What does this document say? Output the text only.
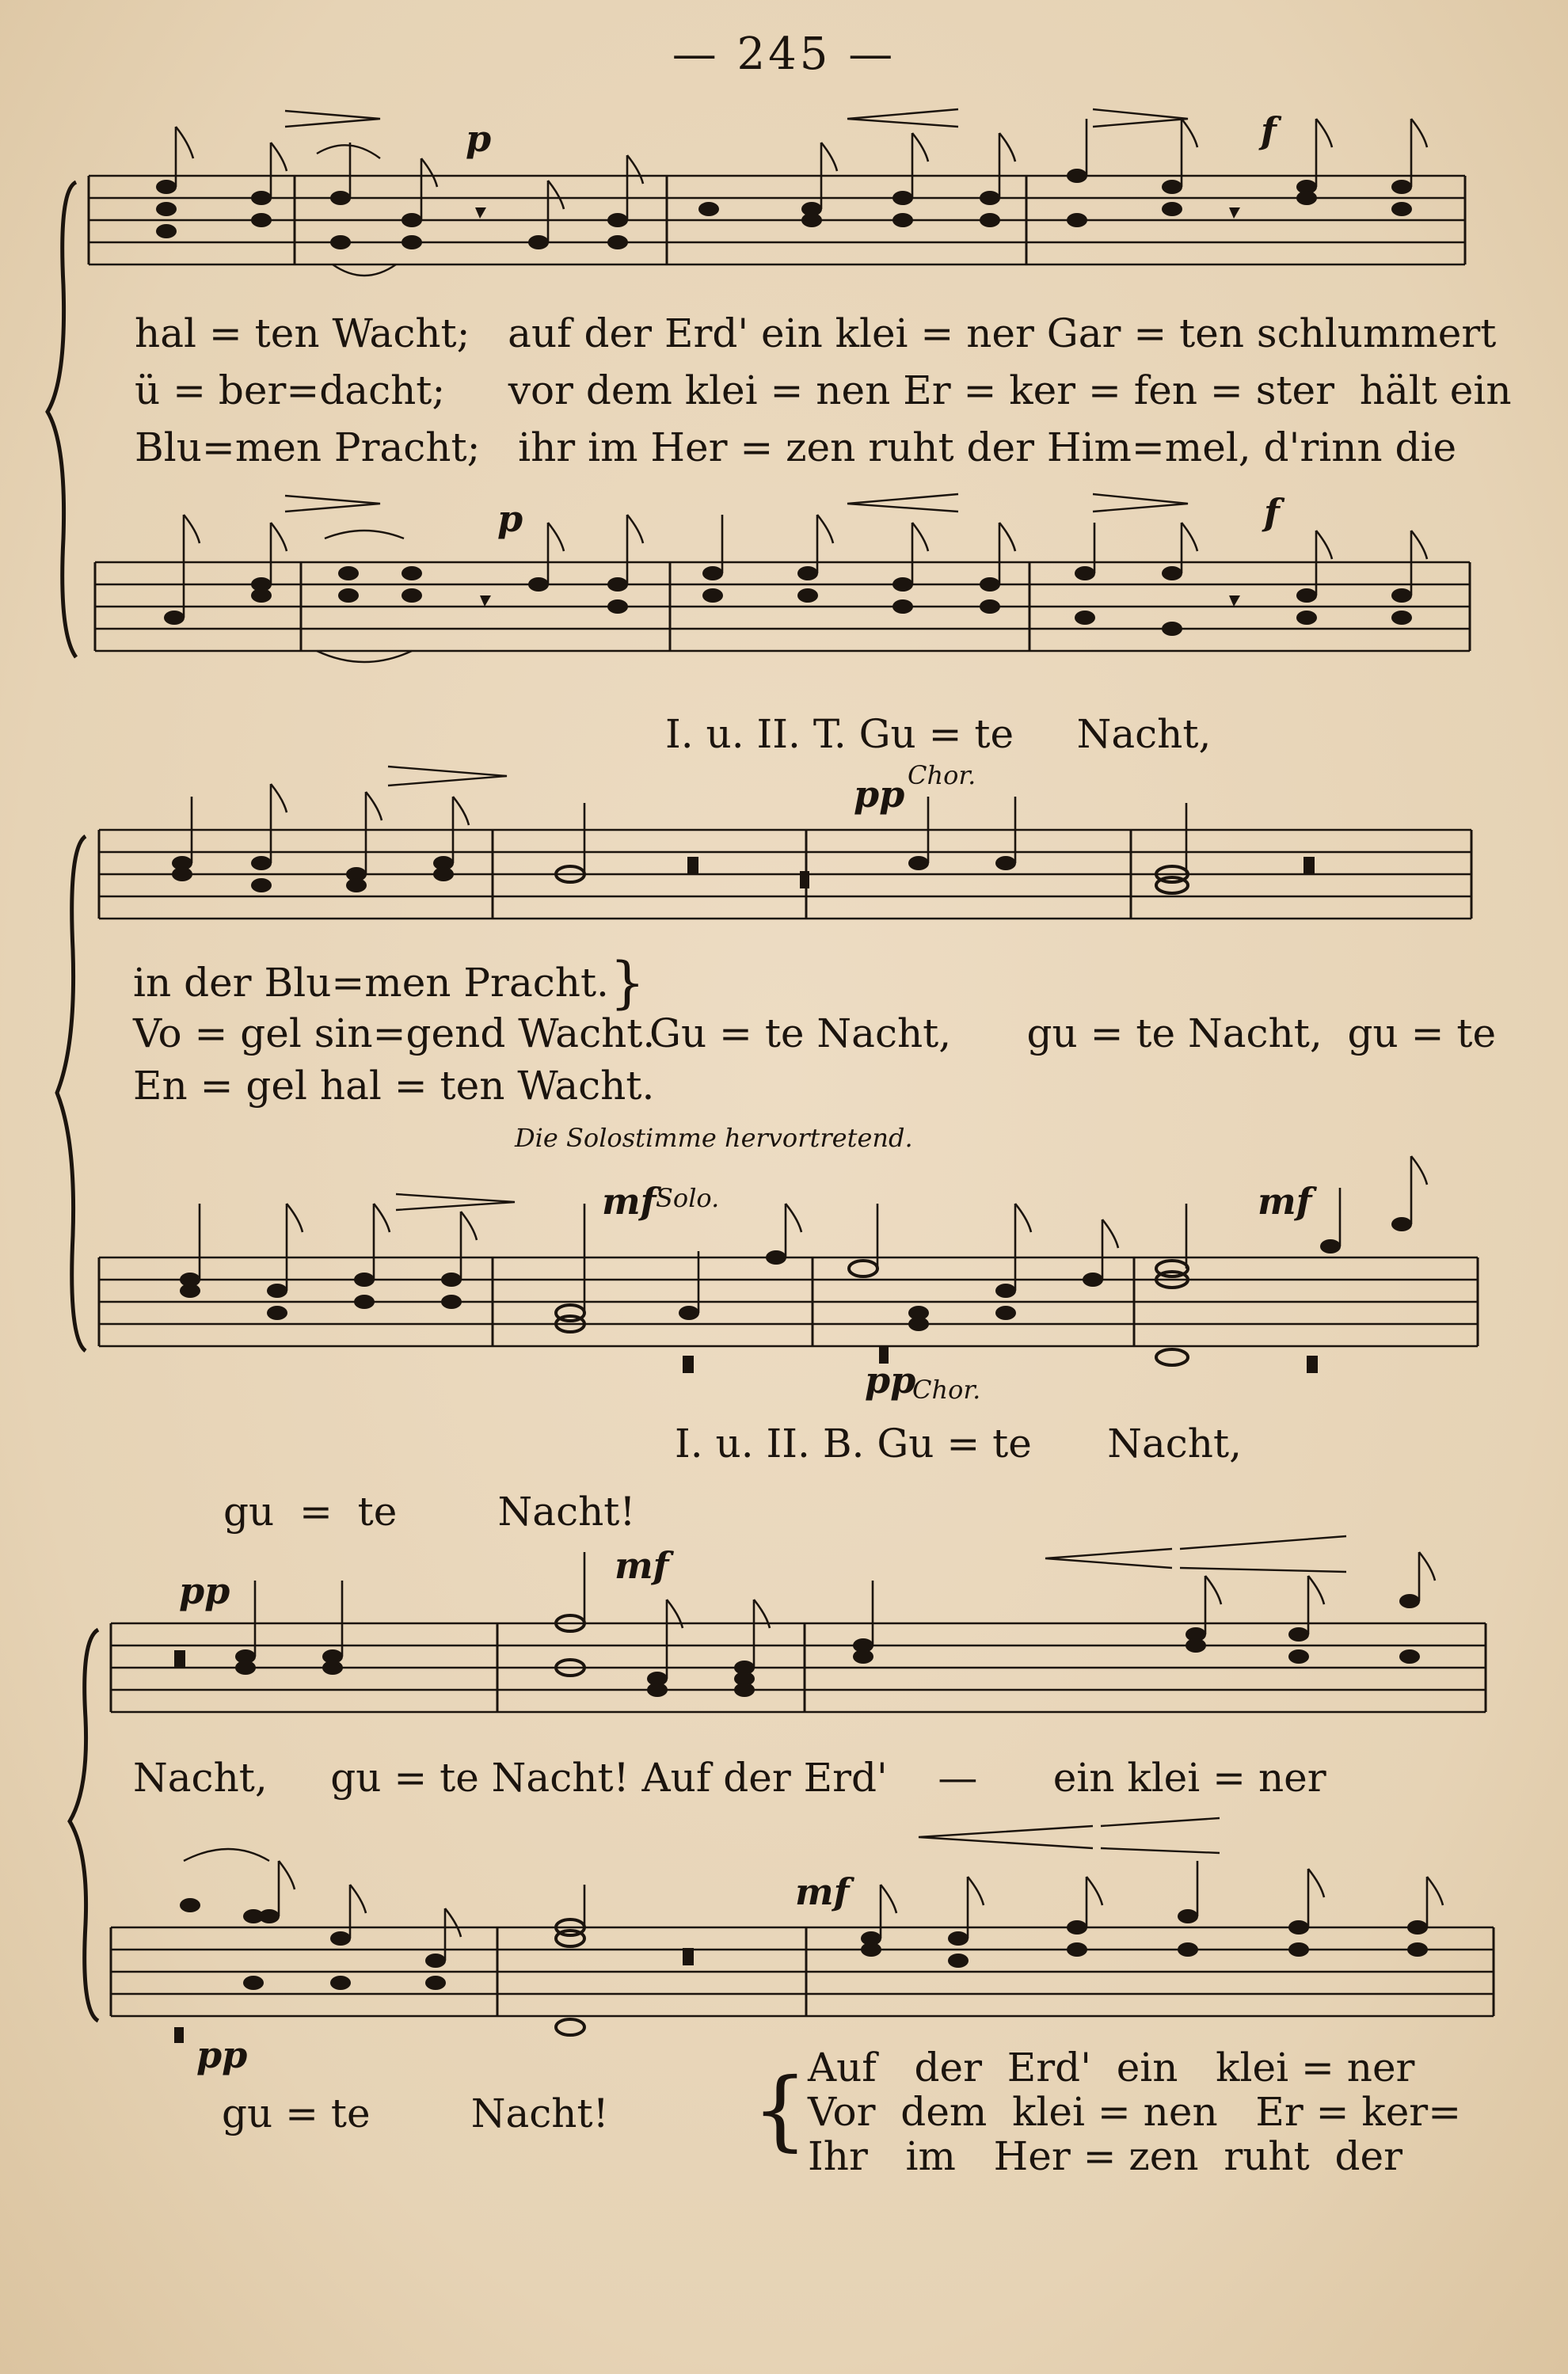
— 245 —
p	f
hal = ten Wacht;   auf der Erd' ein klei = ner Gar = ten schlummert
ü = ber=dacht;     vor dem klei = nen Er = ker = fen = ster  hält ein
Blu=men Pracht;   ihr im Her = zen ruht der Him=mel, d'rinn die
p	f
I. u. II. T. Gu = te     Nacht,
pp Chor.
in der Blu=men Pracht.
Vo = gel sin=gend Wacht.
En = gel hal = ten Wacht.
}
Gu = te Nacht,      gu = te Nacht,  gu = te
Die Solostimme hervortretend.
mf Solo.	mf
pp
Chor.
I. u. II. B. Gu = te      Nacht,
gu  =  te        Nacht!
pp
mf
Nacht,     gu = te Nacht! Auf der Erd'    —      ein klei = ner
mf
pp
gu = te        Nacht! { Auf   der  Erd'  ein   klei = ner
Vor  dem  klei = nen   Er = ker=
Ihr   im   Her = zen  ruht  der
